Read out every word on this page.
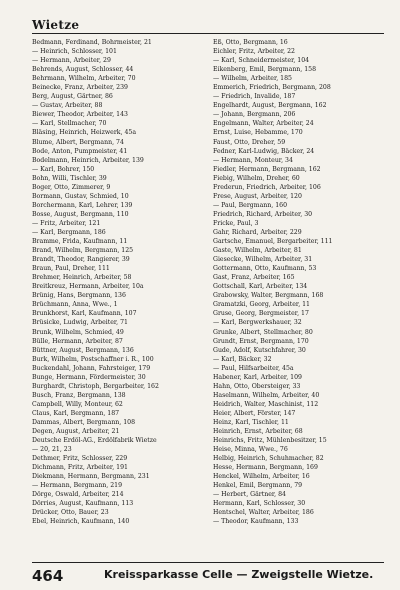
Wietze
Bedmann, Ferdinand, Bohrmeister, 21
— Heinrich, Schlosser, 101
— Hermann, Arbeiter, 29
Behrends, August, Schlosser, 44
Behrmann, Wilhelm, Arbeiter, 70
Beinecke, Franz, Arbeiter, 239
Berg, August, Gärtner, 86
— Gustav, Arbeiter, 88
Biewer, Theodor, Arbeiter, 143
— Karl, Stellmacher, 70
Bläsing, Heinrich, Heizwerk, 45a
Blume, Albert, Bergmann, 74
Bode, Anton, Pumpmeister, 41
Bodelmann, Heinrich, Arbeiter, 139
— Karl, Bohrer, 150
Bohn, Willi, Tischler, 39
Boger, Otto, Zimmerer, 9
Bormann, Gustav, Schmied, 10
Borchermann, Karl, Lehrer, 139
Bosse, August, Bergmann, 110
— Fritz, Arbeiter, 121
— Karl, Bergmann, 186
Bramme, Frida, Kaufmann, 11
Brand, Wilhelm, Bergmann, 125
Brandt, Theodor, Rangierer, 39
Braun, Paul, Dreher, 111
Brehmer, Heinrich, Arbeiter, 58
Breitkreuz, Hermann, Arbeiter, 10a
Brünig, Hans, Bergmann, 136
Brüchmann, Anna, Wwe., 1
Brunkhorst, Karl, Kaufmann, 107
Brüsicke, Ludwig, Arbeiter, 71
Brunk, Wilhelm, Schmied, 49
Bülle, Hermann, Arbeiter, 87
Büttner, August, Bergmann, 136
Burk, Wilhelm, Postschaffner i. R., 100
Buckendahl, Johann, Fahrsteiger, 179
Bunge, Hermann, Fördermeister, 30
Burghardt, Christoph, Bergarbeiter, 162
Busch, Franz, Bergmann, 138
Campbell, Willy, Monteur, 62
Claus, Karl, Bergmann, 187
Dammas, Albert, Bergmann, 108
Degen, August, Arbeiter, 21
Deutsche Erdöl-AG., Erdölfabrik Wietze
— 20, 21, 23
Dethmer, Fritz, Schlosser, 229
Dichmann, Fritz, Arbeiter, 191
Diekmann, Hermann, Bergmann, 231
— Hermann, Bergmann, 219
Dörge, Oswald, Arbeiter, 214
Dörries, August, Kaufmann, 113
Drücker, Otto, Bauer, 23
Ebel, Heinrich, Kaufmann, 140
Eß, Otto, Bergmann, 16
Eichler, Fritz, Arbeiter, 22
— Karl, Schneidermeister, 104
Eikenberg, Emil, Bergmann, 158
— Wilhelm, Arbeiter, 185
Emmerich, Friedrich, Bergmann, 208
— Friedrich, Invalide, 187
Engelhardt, August, Bergmann, 162
— Johann, Bergmann, 206
Engelmann, Walter, Arbeiter, 24
Ernst, Luise, Hebamme, 170
Faust, Otto, Dreher, 59
Fedner, Karl-Ludwig, Bäcker, 24
— Hermann, Monteur, 34
Fiedler, Hermann, Bergmann, 162
Fiebig, Wilhelm, Dreher, 60
Frederun, Friedrich, Arbeiter, 106
Frese, August, Arbeiter, 120
— Paul, Bergmann, 160
Friedrich, Richard, Arbeiter, 30
Fricke, Paul, 3
Gahr, Richard, Arbeiter, 229
Gartsche, Emanuel, Bergarbeiter, 111
Gaste, Wilhelm, Arbeiter, 81
Giesecke, Wilhelm, Arbeiter, 31
Gottermann, Otto, Kaufmann, 53
Gast, Franz, Arbeiter, 165
Gottschall, Karl, Arbeiter, 134
Grabowsky, Walter, Bergmann, 168
Gramatzki, Georg, Arbeiter, 11
Gruse, Georg, Bergmeister, 17
— Karl, Bergwerkshauer, 32
Grunke, Albert, Stellmacher, 80
Grundt, Ernst, Bergmann, 170
Gude, Adolf, Kutschfahrer, 30
— Karl, Bäcker, 32
— Paul, Hilfsarbeiter, 45a
Habener, Karl, Arbeiter, 109
Hahn, Otto, Obersteiger, 33
Haselmann, Wilhelm, Arbeiter, 40
Heidrich, Walter, Maschinist, 112
Heier, Albert, Förster, 147
Heinz, Karl, Tischler, 11
Heinrich, Ernst, Arbeiter, 68
Heinrichs, Fritz, Mühlenbesitzer, 15
Heise, Minna, Wwe., 76
Helbig, Heinrich, Schuhmacher, 82
Hesse, Hermann, Bergmann, 169
Henckel, Wilhelm, Arbeiter, 16
Henkel, Emil, Bergmann, 79
— Herbert, Gärtner, 84
Hermann, Karl, Schlosser, 30
Hentschel, Walter, Arbeiter, 186
— Theodor, Kaufmann, 133
464	Kreissparkasse Celle — Zweigstelle Wietze.
